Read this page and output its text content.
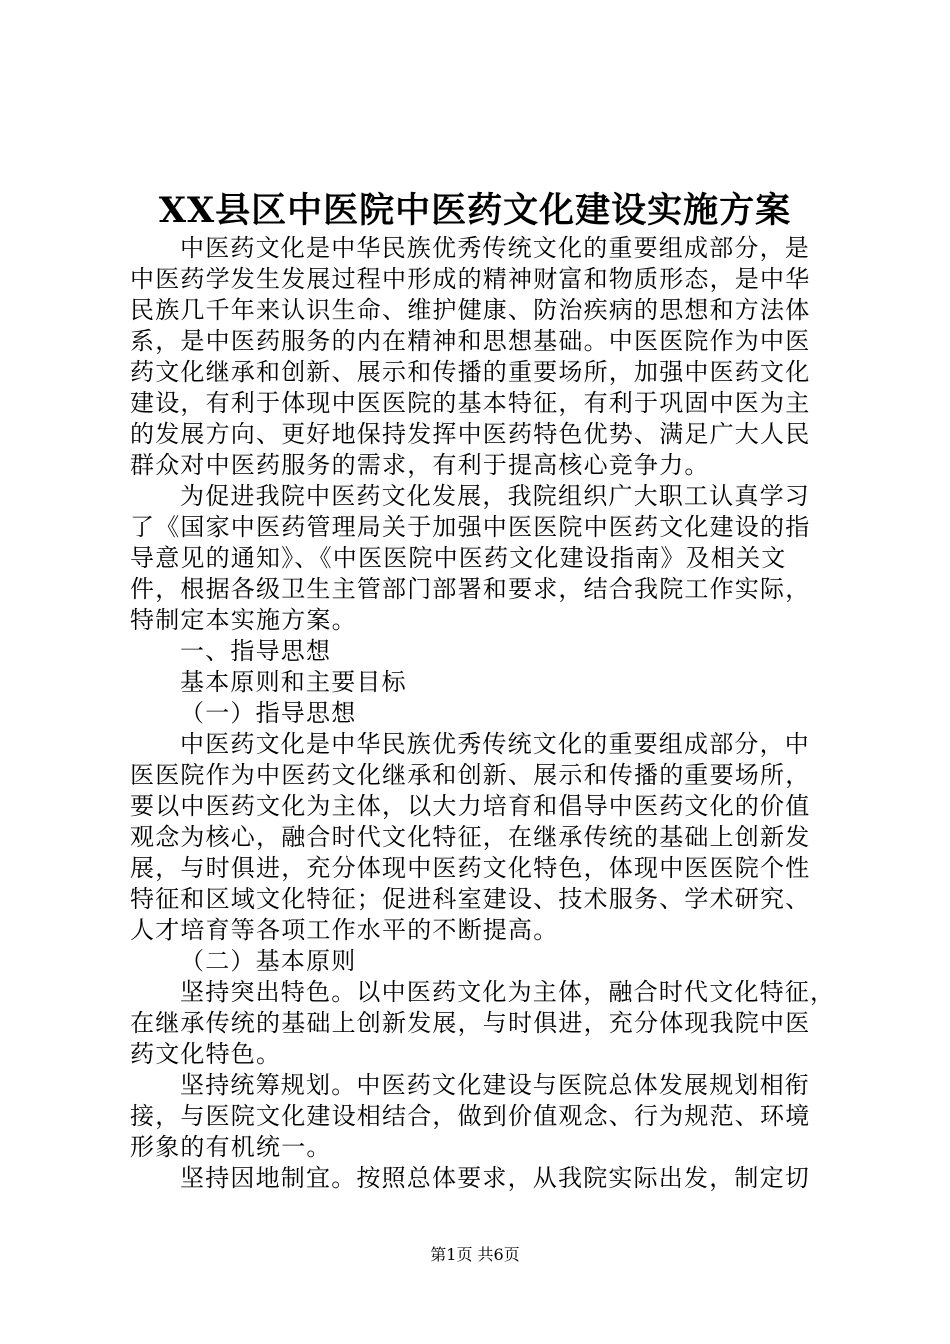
XX县区中医院中医药文化建设实施方案
中医药文化是中华民族优秀传统文化的重要组成部分，是
中医药学发生发展过程中形成的精神财富和物质形态，是中华
民族几千年来认识生命、维护健康、防治疾病的思想和方法体
系，是中医药服务的内在精神和思想基础。中医医院作为中医
药文化继承和创新、展示和传播的重要场所，加强中医药文化
建设，有利于体现中医医院的基本特征，有利于巩固中医为主
的发展方向、更好地保持发挥中医药特色优势、满足广大人民
群众对中医药服务的需求，有利于提高核心竞争力。
为促进我院中医药文化发展，我院组织广大职工认真学习
了《国家中医药管理局关于加强中医医院中医药文化建设的指
导意见的通知》、《中医医院中医药文化建设指南》及相关文
件，根据各级卫生主管部门部署和要求，结合我院工作实际，
特制定本实施方案。
一、指导思想
基本原则和主要目标
（一）指导思想
中医药文化是中华民族优秀传统文化的重要组成部分，中
医医院作为中医药文化继承和创新、展示和传播的重要场所，
要以中医药文化为主体，以大力培育和倡导中医药文化的价值
观念为核心，融合时代文化特征，在继承传统的基础上创新发
展，与时俱进，充分体现中医药文化特色，体现中医医院个性
特征和区域文化特征；促进科室建设、技术服务、学术研究、
人才培育等各项工作水平的不断提高。
（二）基本原则
坚持突出特色。以中医药文化为主体，融合时代文化特征，
在继承传统的基础上创新发展，与时俱进，充分体现我院中医
药文化特色。
坚持统筹规划。中医药文化建设与医院总体发展规划相衔
接，与医院文化建设相结合，做到价值观念、行为规范、环境
形象的有机统一。
坚持因地制宜。按照总体要求，从我院实际出发，制定切
第1页 共6页
